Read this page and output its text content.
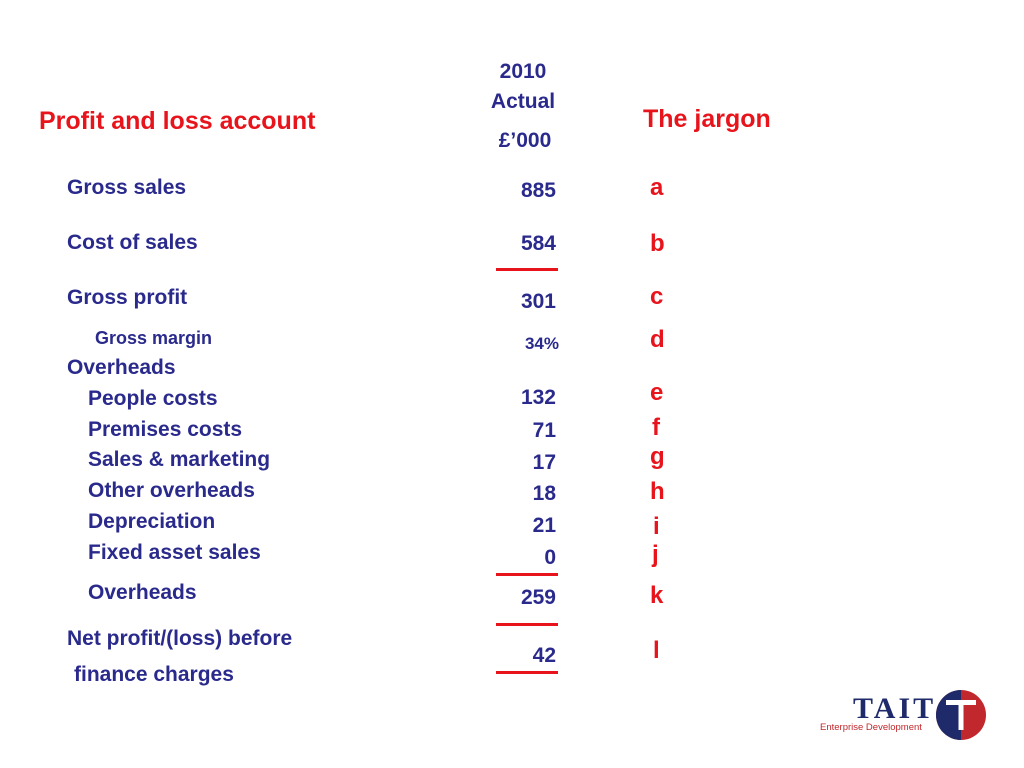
Profit and loss account
2010
Actual
£’000
The jargon
Gross sales	885	a
Cost of sales	584	b
Gross profit	301	c
Gross margin	34%	d
Overheads
People costs	132	e
Premises costs	71	f
Sales & marketing	17	g
Other overheads	18	h
Depreciation	21	i
Fixed asset sales	0	j
Overheads	259	k
Net profit/(loss) before
finance charges
42	l
TAIT
Enterprise Development
